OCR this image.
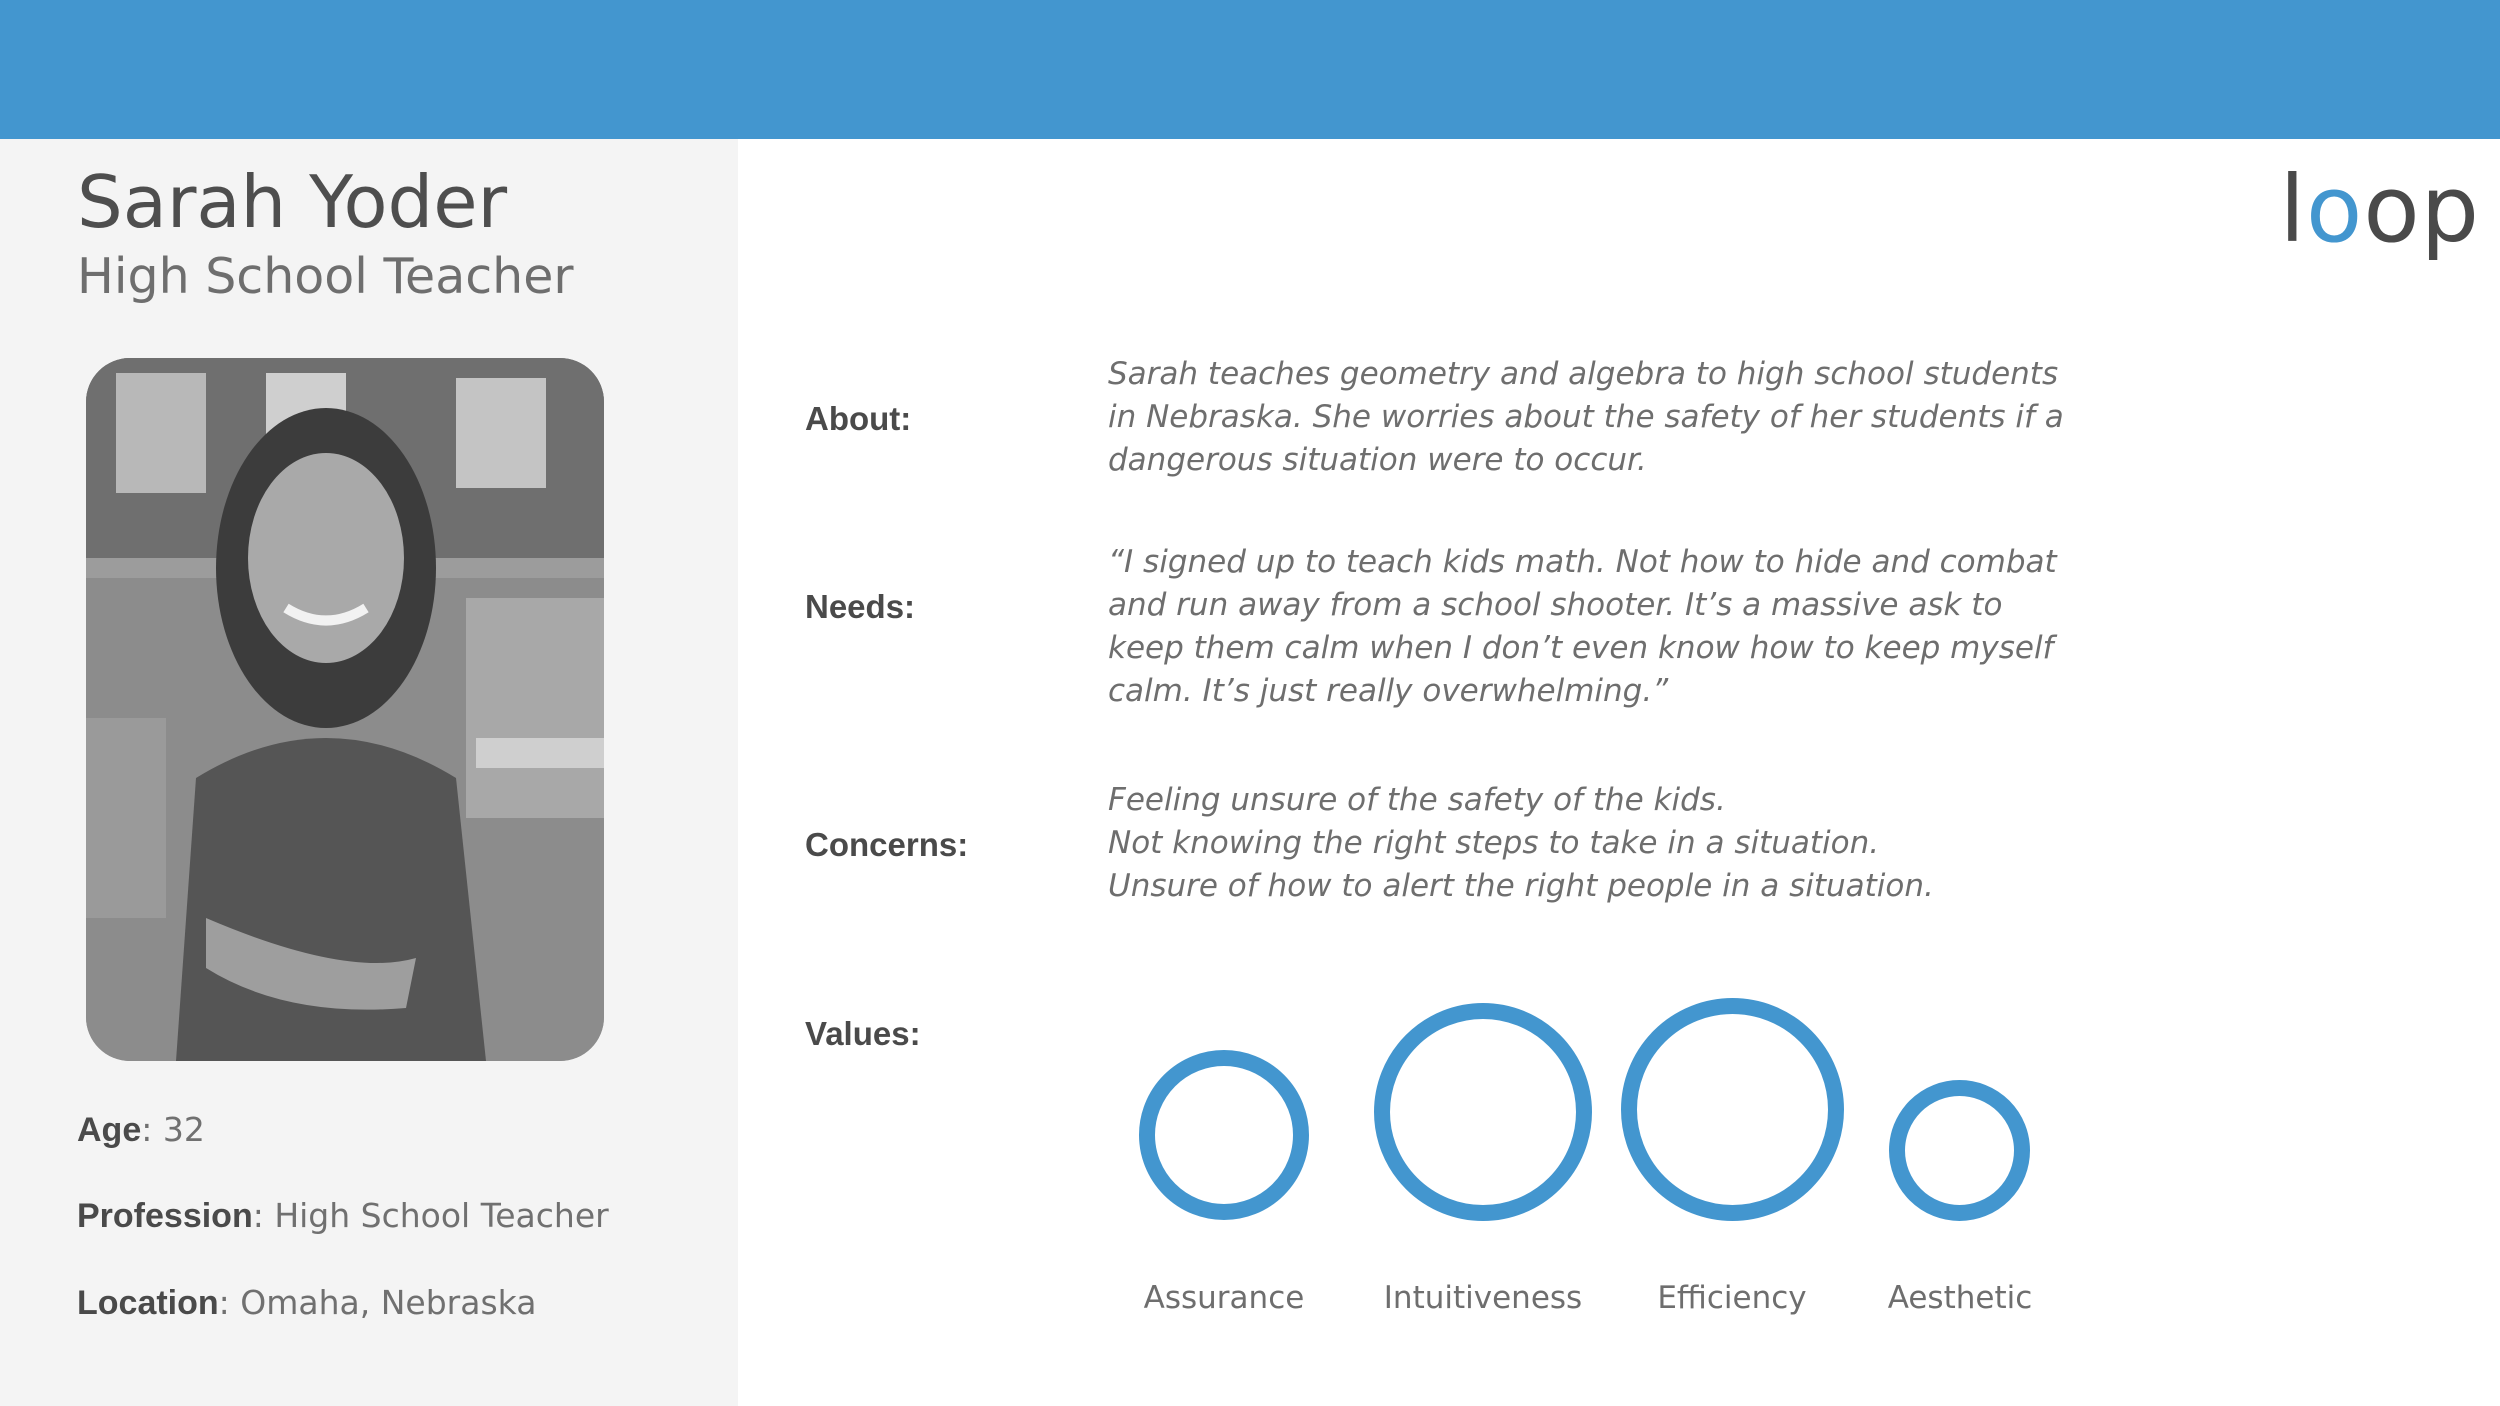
Sarah Yoder
High School Teacher
Age: 32
Profession: High School Teacher
Location: Omaha, Nebraska
loop
About:
Sarah teaches geometry and algebra to high school students in Nebraska. She worries about the safety of her students if a dangerous situation were to occur.
Needs:
“I signed up to teach kids math. Not how to hide and combat and run away from a school shooter. It’s a massive ask to keep them calm when I don’t even know how to keep myself calm. It’s just really overwhelming.”
Concerns:
Feeling unsure of the safety of the kids.
Not knowing the right steps to take in a situation.
Unsure of how to alert the right people in a situation.
Values:
Assurance	Intuitiveness	Efficiency	Aesthetic
